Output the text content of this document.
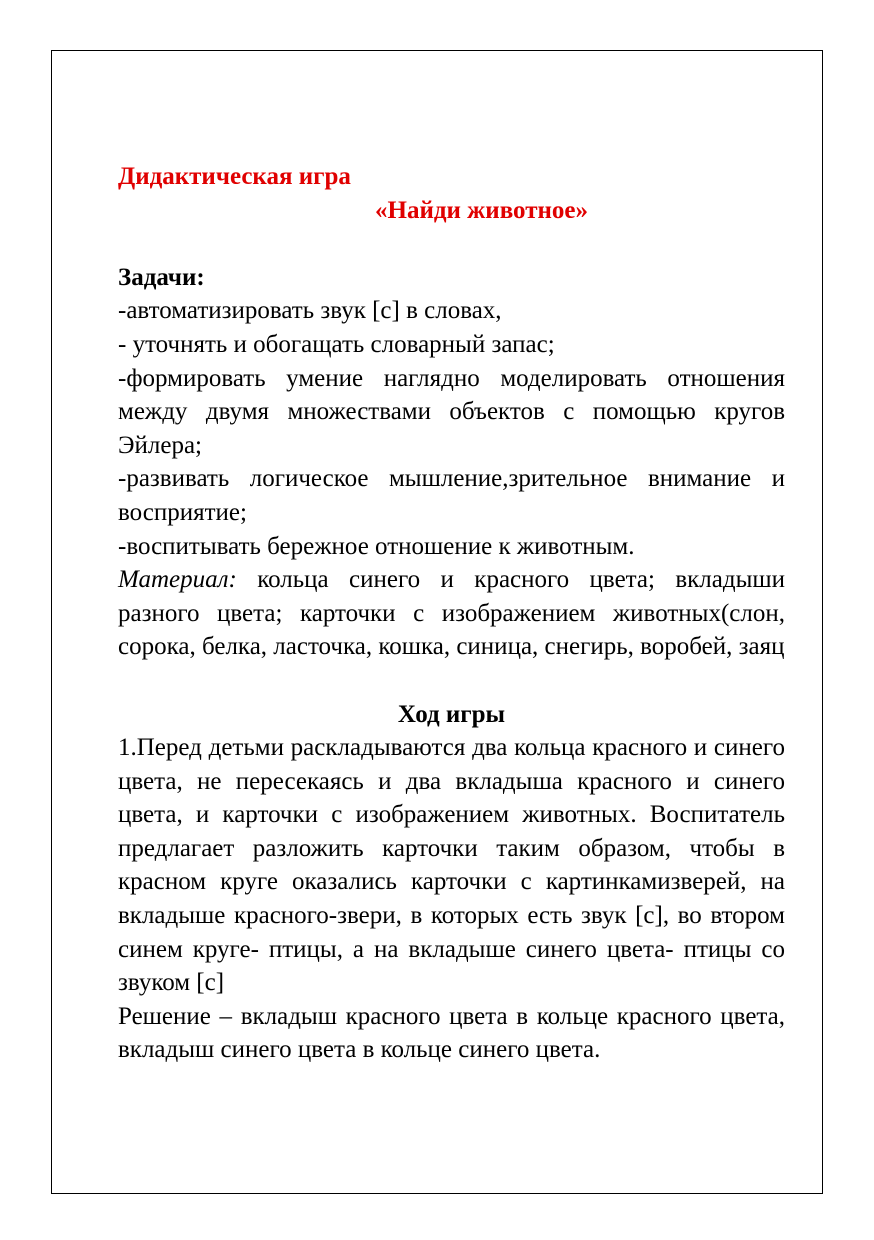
Дидактическая игра

«Найди животное»

Задачи:

-автоматизировать звук [с] в словах,

- уточнять и обогащать словарный запас;

-формировать умение наглядно моделировать отношения между двумя множествами объектов с помощью кругов Эйлера;

-развивать логическое мышление,зрительное внимание и восприятие;

-воспитывать бережное отношение к животным.

Материал: кольца синего и красного цвета; вкладыши разного цвета; карточки с изображением животных(слон, сорока, белка, ласточка, кошка, синица, снегирь, воробей, заяц

Ход игры

1.Перед детьми раскладываются два кольца красного и синего цвета, не пересекаясь и два вкладыша красного и синего цвета, и карточки с изображением животных. Воспитатель предлагает разложить карточки таким образом, чтобы в красном круге оказались карточки с картинкамизверей, на вкладыше красного-звери, в которых есть звук [с], во втором синем круге- птицы, а на вкладыше синего цвета- птицы со звуком [с]

Решение – вкладыш красного цвета в кольце красного цвета, вкладыш синего цвета в кольце синего цвета.
